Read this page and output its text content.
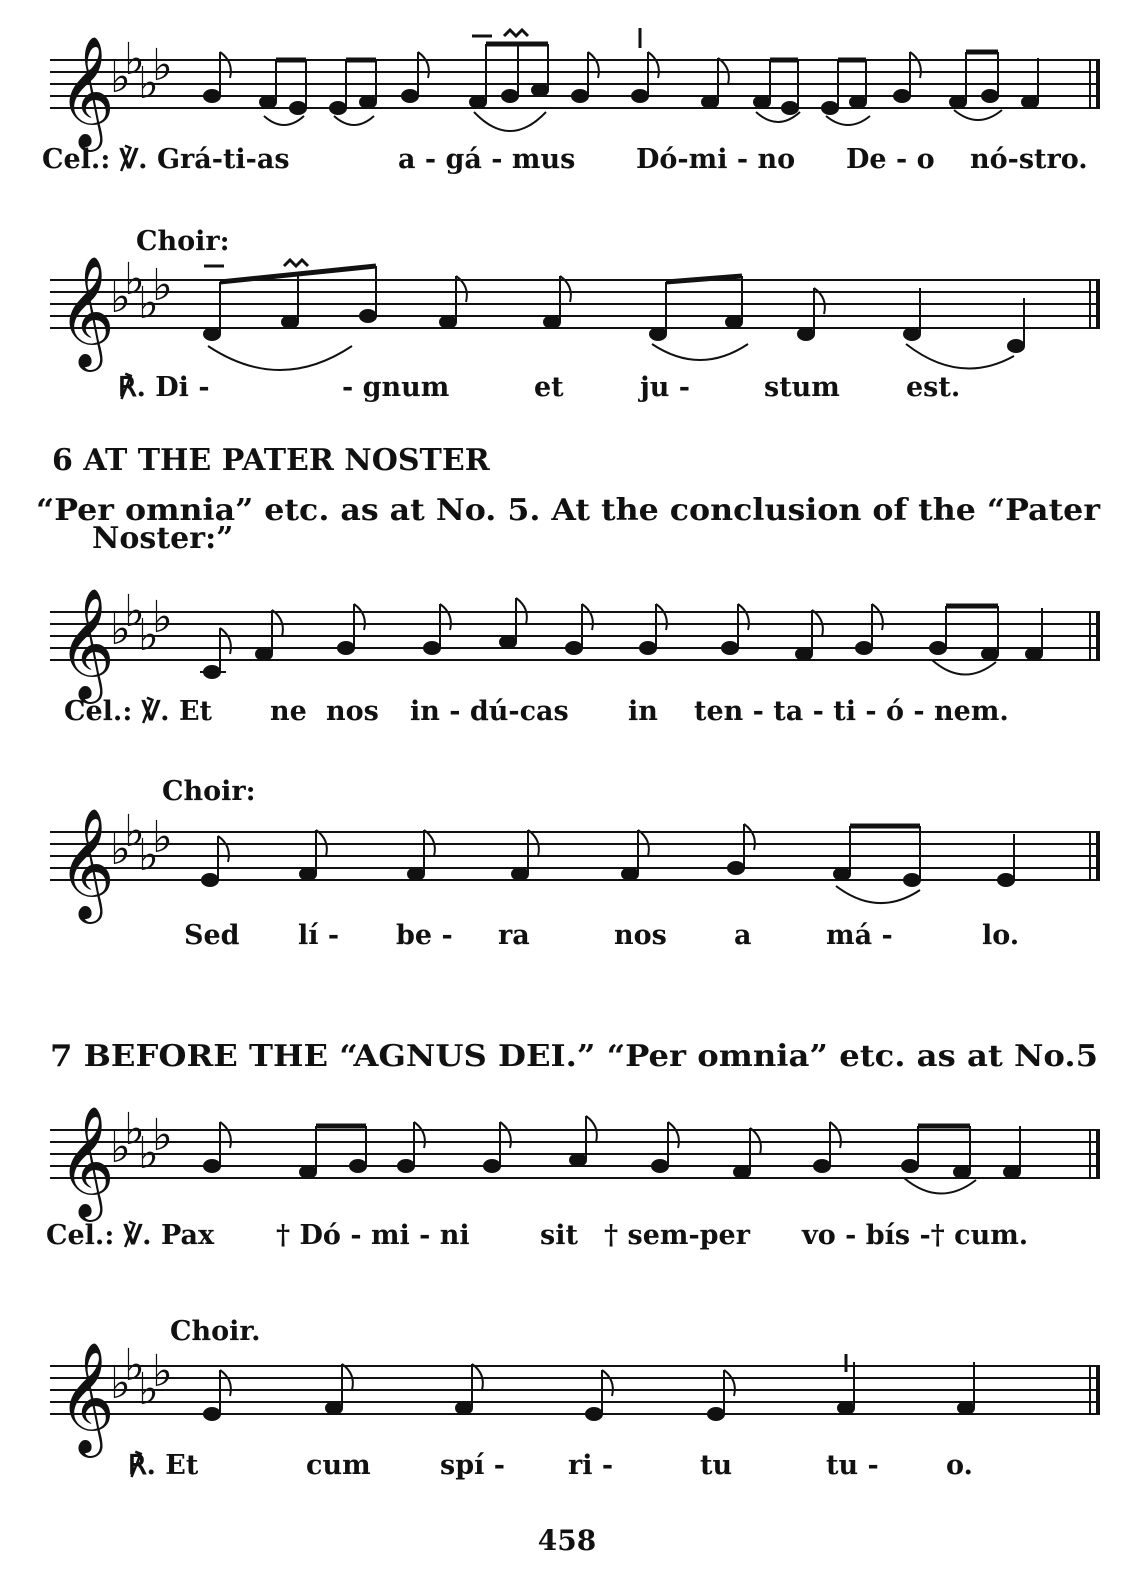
𝄞
♭
♭
♭
♭
Cel.: ℣. Grá-ti-as	a - gá - mus Dó-mi - no De - o nó-stro.
Choir:
𝄞
♭
♭
♭
♭
℟. Di -	- gnum	et	ju -	stum est.
6 AT THE PATER NOSTER
“Per omnia” etc. as at No. 5. At the conclusion of the “Pater
Noster:”
𝄞
♭
♭
♭
♭
Cel.: ℣. Et ne nos in - dú-cas in ten - ta - ti - ó - nem.
Choir:
𝄞
♭
♭
♭
♭
Sed lí - be - ra	nos a	má -	lo.
7 BEFORE THE “AGNUS DEI.” “Per omnia” etc. as at No.5
𝄞
♭
♭
♭
♭
Cel.: ℣. Pax † Dó - mi - ni	sit † sem-per vo - bís -† cum.
Choir.
𝄞
♭
♭
♭
♭
℟. Et	cum	spí - ri -	tu	tu - o.
458
